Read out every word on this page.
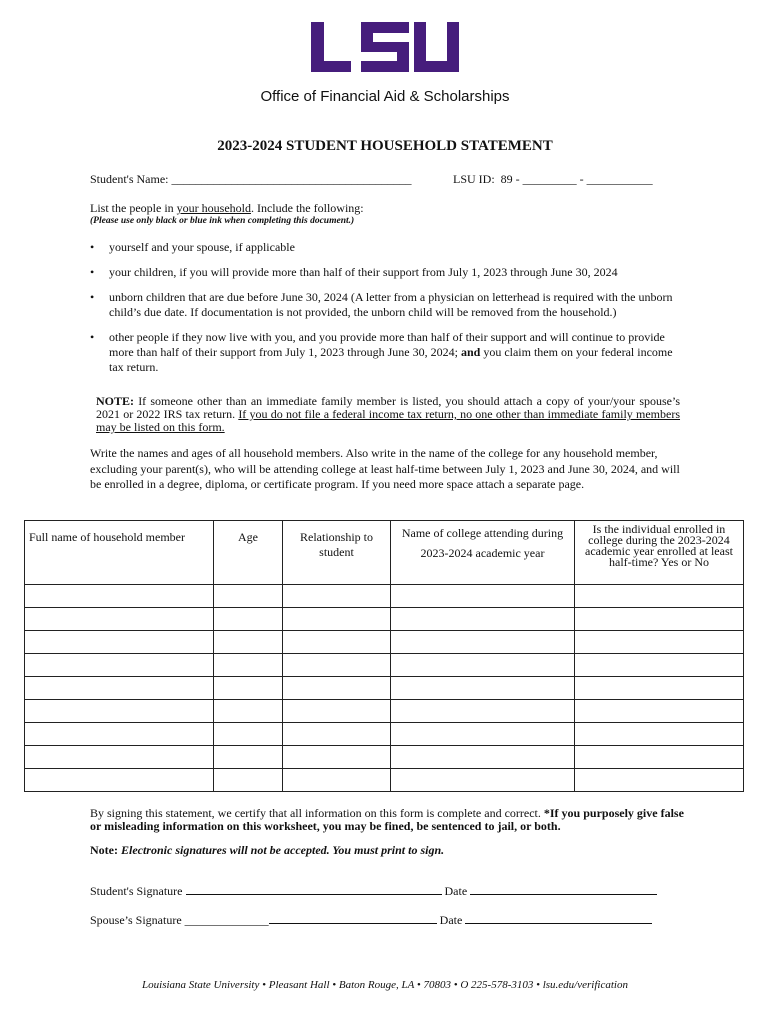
Office of Financial Aid & Scholarships
2023-2024 STUDENT HOUSEHOLD STATEMENT
Student's Name: ________________________________________	LSU ID: 89 - _________ - ___________
List the people in your household. Include the following:
(Please use only black or blue ink when completing this document.)
• yourself and your spouse, if applicable
• your children, if you will provide more than half of their support from July 1, 2023 through June 30, 2024
• unborn children that are due before June 30, 2024 (A letter from a physician on letterhead is required with the unborn child’s due date. If documentation is not provided, the unborn child will be removed from the household.)
• other people if they now live with you, and you provide more than half of their support and will continue to provide more than half of their support from July 1, 2023 through June 30, 2024; and you claim them on your federal income tax return.
NOTE: If someone other than an immediate family member is listed, you should attach a copy of your/your spouse’s 2021 or 2022 IRS tax return. If you do not file a federal income tax return, no one other than immediate family members may be listed on this form.
Write the names and ages of all household members. Also write in the name of the college for any household member, excluding your parent(s), who will be attending college at least half-time between July 1, 2023 and June 30, 2024, and will be enrolled in a degree, diploma, or certificate program. If you need more space attach a separate page.
Full name of household member	Age	Relationship to student	Name of college attending during 2023-2024 academic year	Is the individual enrolled in college during the 2023-2024 academic year enrolled at least half-time? Yes or No

By signing this statement, we certify that all information on this form is complete and correct. *If you purposely give false or misleading information on this worksheet, you may be fined, be sentenced to jail, or both.
Note: Electronic signatures will not be accepted. You must print to sign.
Student's Signature	Date
Spouse’s Signature ______________	Date
Louisiana State University • Pleasant Hall • Baton Rouge, LA • 70803 • O 225-578-3103 • lsu.edu/verification
